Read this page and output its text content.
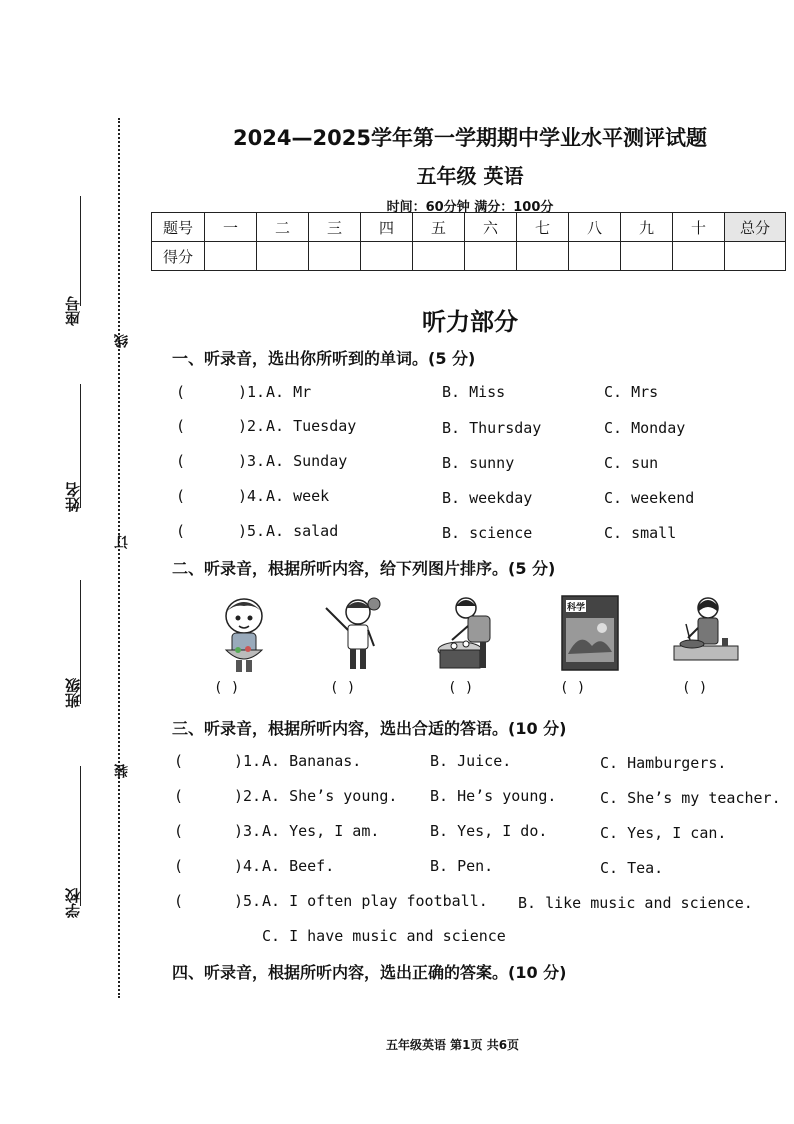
座号
姓名
班级
学校
线
订
装
2024—2025学年第一学期期中学业水平测评试题
五年级 英语
时间：60分钟 满分：100分
题号	一	二	三	四	五	六	七	八	九	十	总分
得分											
听力部分
一、听录音，选出你所听到的单词。(5 分)
(	)1. A. Mr	B. Miss	C. Mrs
(	)2. A. Tuesday	B. Thursday	C. Monday
(	)3. A. Sunday	B. sunny	C. sun
(	)4. A. week	B. weekday	C. weekend
(	)5. A. salad	B. science	C. small
二、听录音，根据所听内容，给下列图片排序。(5 分)
( )	( )	( )
科学
( )	( )
三、听录音，根据所听内容，选出合适的答语。(10 分)
(	)1. A. Bananas.	B. Juice.	C. Hamburgers.
(	)2. A. She’s young. B. He’s young.	C. She’s my teacher.
(	)3. A. Yes, I am.	B. Yes, I do.	C. Yes, I can.
(	)4. A. Beef.	B. Pen.	C. Tea.
(	)5. A. I often play football. B. like music and science.
C. I have music and science
四、听录音，根据所听内容，选出正确的答案。(10 分)
五年级英语 第1页 共6页
